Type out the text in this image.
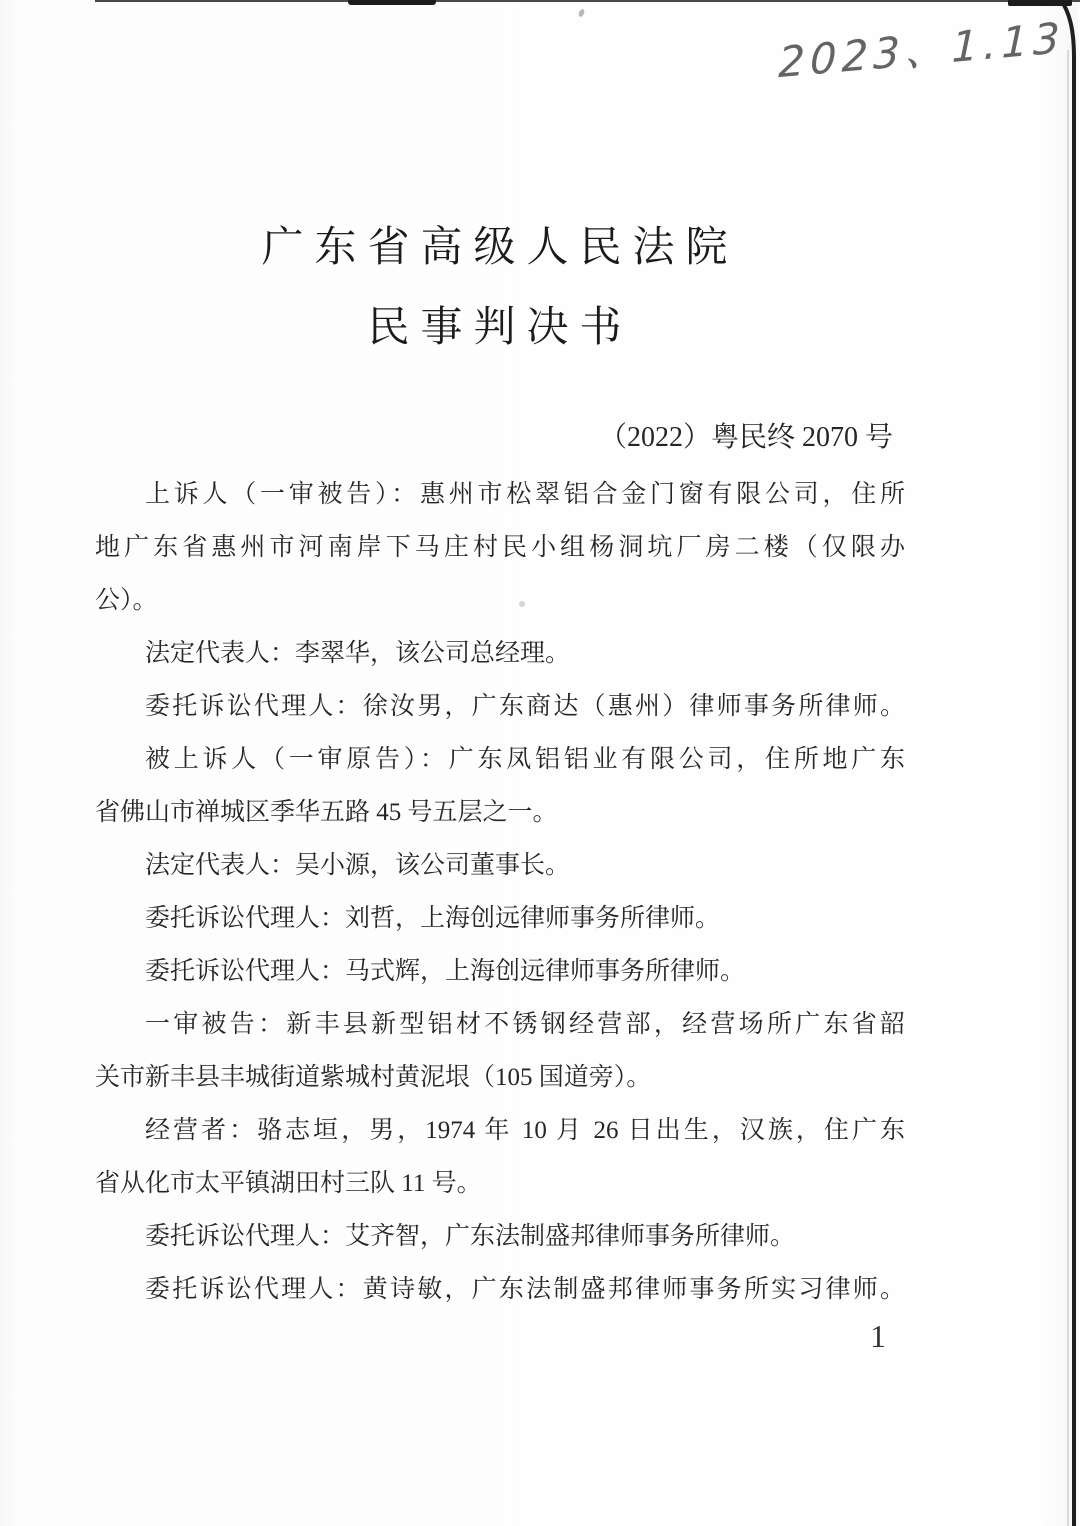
2023、1.13
广东省高级人民法院
民事判决书
（2022）粤民终 2070 号
上诉人（一审被告）：惠州市松翠铝合金门窗有限公司，住所
地广东省惠州市河南岸下马庄村民小组杨洞坑厂房二楼（仅限办
公）。
法定代表人：李翠华，该公司总经理。
委托诉讼代理人：徐汝男，广东商达（惠州）律师事务所律师。
被上诉人（一审原告）：广东凤铝铝业有限公司，住所地广东
省佛山市禅城区季华五路 45 号五层之一。
法定代表人：吴小源，该公司董事长。
委托诉讼代理人：刘哲，上海创远律师事务所律师。
委托诉讼代理人：马式辉，上海创远律师事务所律师。
一审被告：新丰县新型铝材不锈钢经营部，经营场所广东省韶
关市新丰县丰城街道紫城村黄泥垠（105 国道旁）。
经营者：骆志垣，男，1974 年 10 月 26 日出生，汉族，住广东
省从化市太平镇湖田村三队 11 号。
委托诉讼代理人：艾齐智，广东法制盛邦律师事务所律师。
委托诉讼代理人：黄诗敏，广东法制盛邦律师事务所实习律师。
1
